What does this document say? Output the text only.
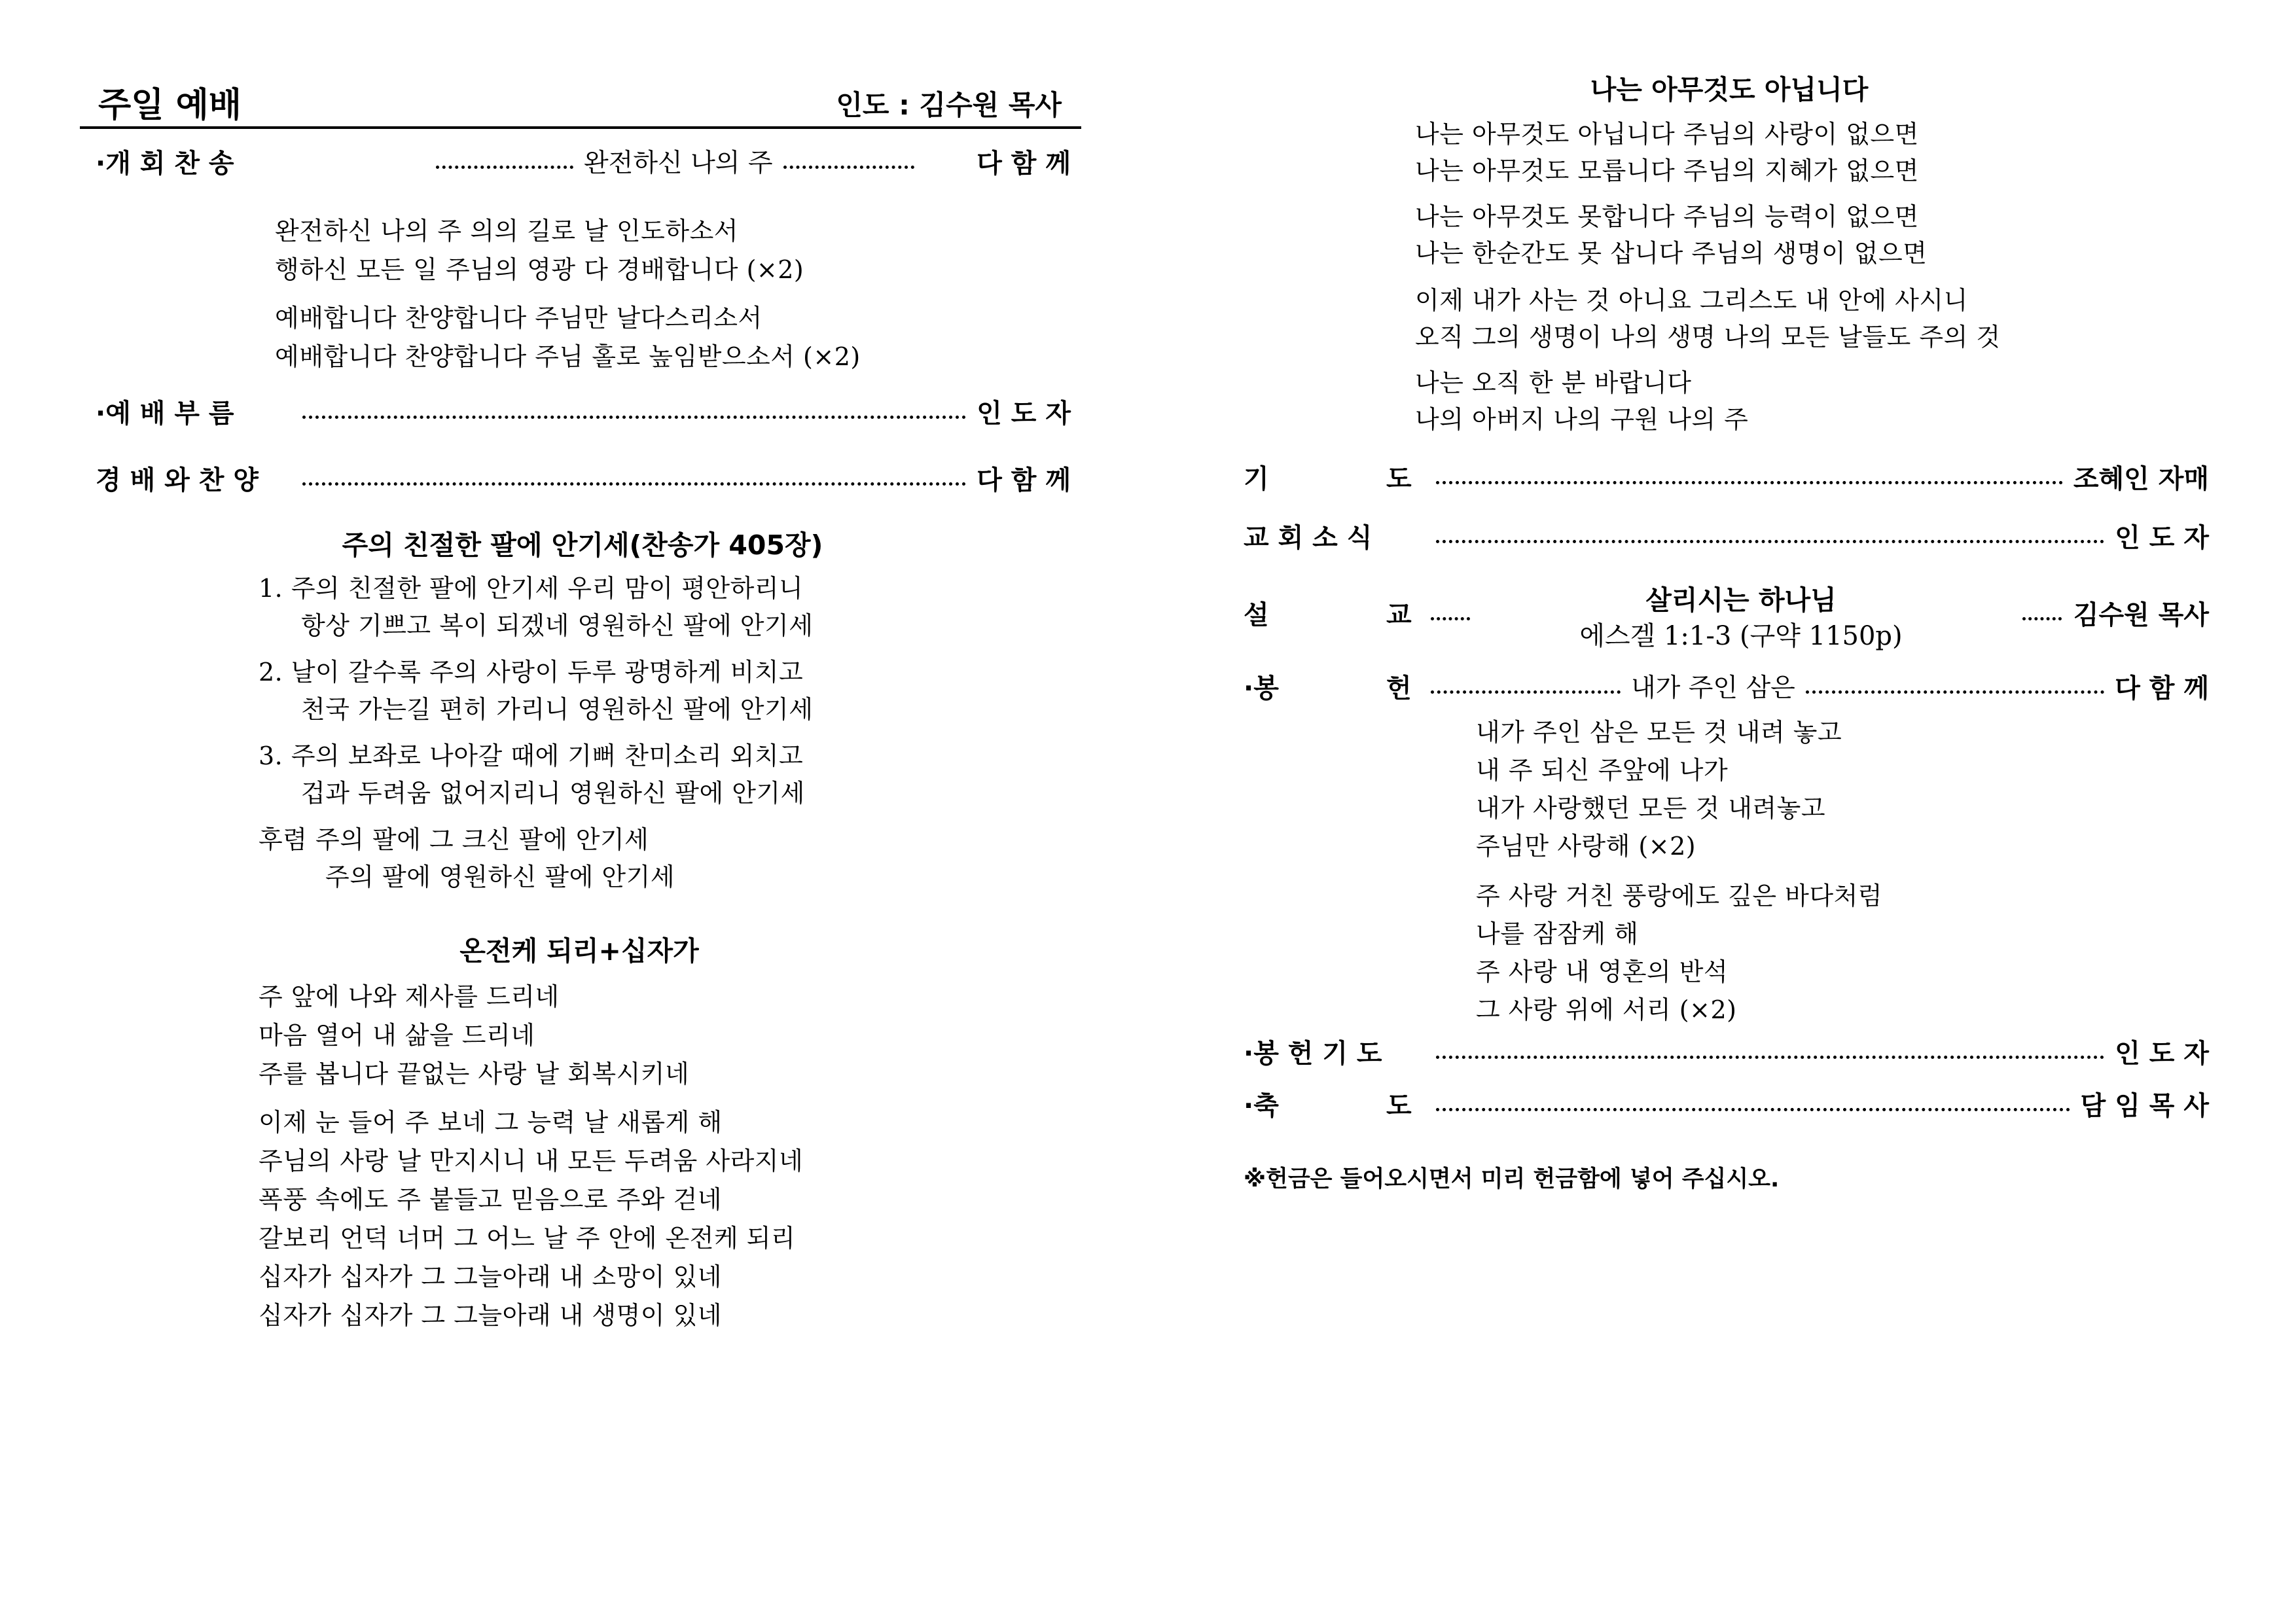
주일 예배	인도 : 김수원 목사
·개 회 찬 송	완전하신 나의 주	다 함 께
완전하신 나의 주 의의 길로 날 인도하소서
행하신 모든 일 주님의 영광 다 경배합니다 (×2)
예배합니다 찬양합니다 주님만 날다스리소서
예배합니다 찬양합니다 주님 홀로 높임받으소서 (×2)
·예 배 부 름	인 도 자
경 배 와 찬 양	다 함 께
주의 친절한 팔에 안기세(찬송가 405장)
1. 주의 친절한 팔에 안기세 우리 맘이 평안하리니
항상 기쁘고 복이 되겠네 영원하신 팔에 안기세
2. 날이 갈수록 주의 사랑이 두루 광명하게 비치고
천국 가는길 편히 가리니 영원하신 팔에 안기세
3. 주의 보좌로 나아갈 때에 기뻐 찬미소리 외치고
겁과 두려움 없어지리니 영원하신 팔에 안기세
후렴 주의 팔에 그 크신 팔에 안기세
주의 팔에 영원하신 팔에 안기세
온전케 되리+십자가
주 앞에 나와 제사를 드리네
마음 열어 내 삶을 드리네
주를 봅니다 끝없는 사랑 날 회복시키네
이제 눈 들어 주 보네 그 능력 날 새롭게 해
주님의 사랑 날 만지시니 내 모든 두려움 사라지네
폭풍 속에도 주 붙들고 믿음으로 주와 걷네
갈보리 언덕 너머 그 어느 날 주 안에 온전케 되리
십자가 십자가 그 그늘아래 내 소망이 있네
십자가 십자가 그 그늘아래 내 생명이 있네
나는 아무것도 아닙니다
나는 아무것도 아닙니다 주님의 사랑이 없으면
나는 아무것도 모릅니다 주님의 지혜가 없으면
나는 아무것도 못합니다 주님의 능력이 없으면
나는 한순간도 못 삽니다 주님의 생명이 없으면
이제 내가 사는 것 아니요 그리스도 내 안에 사시니
오직 그의 생명이 나의 생명 나의 모든 날들도 주의 것
나는 오직 한 분 바랍니다
나의 아버지 나의 구원 나의 주
기	도	조혜인 자매
교 회 소 식	인 도 자
설	교	김수원 목사
살리시는 하나님
에스겔 1:1-3 (구약 1150p)
·봉	헌	내가 주인 삼은	다 함 께
내가 주인 삼은 모든 것 내려 놓고
내 주 되신 주앞에 나가
내가 사랑했던 모든 것 내려놓고
주님만 사랑해 (×2)
주 사랑 거친 풍랑에도 깊은 바다처럼
나를 잠잠케 해
주 사랑 내 영혼의 반석
그 사랑 위에 서리 (×2)
·봉 헌 기 도	인 도 자
·축	도	담 임 목 사
※헌금은 들어오시면서 미리 헌금함에 넣어 주십시오.
